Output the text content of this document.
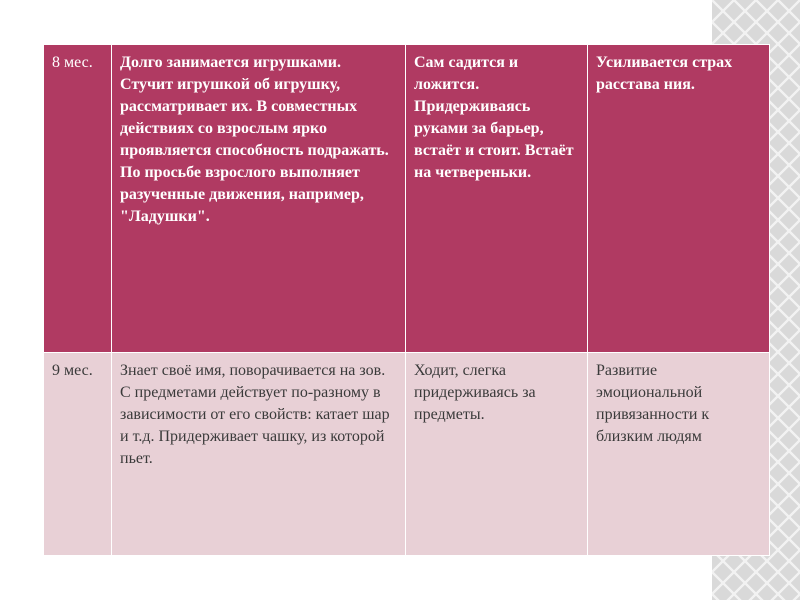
8 мес.	Долго занимается игрушками. Стучит игрушкой об игрушку, рассматривает их. В совместных действиях со взрослым ярко проявляется способность подражать. По просьбе взрослого выполняет разученные движения, например, "Ладушки".	Сам садится и ложится. Придерживаясь руками за барьер, встаёт и стоит. Встаёт на четвереньки.	Усиливается страх расстава ния.
9 мес.	Знает своё имя, поворачивается на зов. С предметами действует по-разному в зависимости от его свойств: катает шар и т.д. Придерживает чашку, из которой пьет.	Ходит, слегка придерживаясь за предметы.	Развитие эмоциональной привязанности к близким людям
